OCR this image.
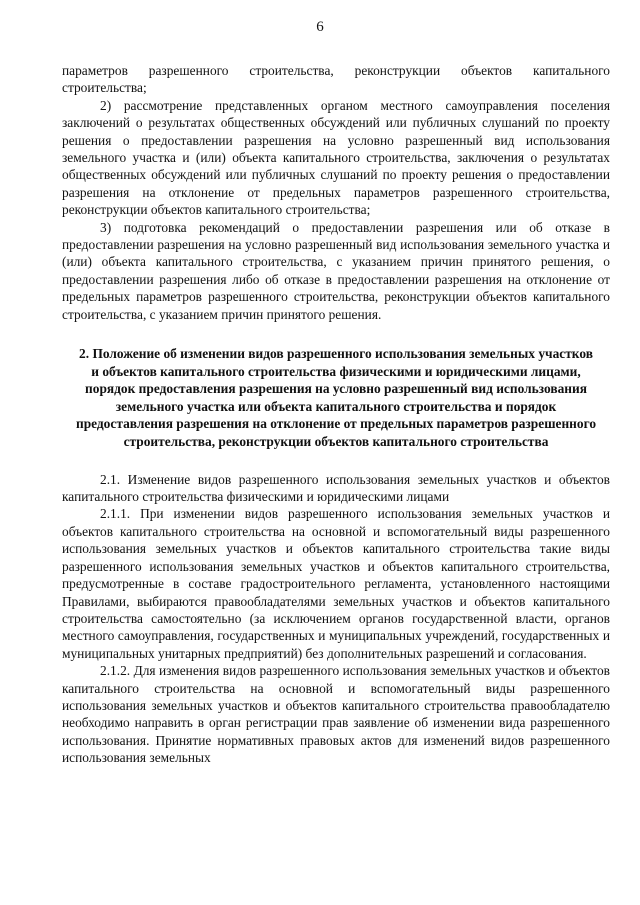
6

параметров разрешенного строительства, реконструкции объектов капитального строительства;

2) рассмотрение представленных органом местного самоуправления поселения заключений о результатах общественных обсуждений или публичных слушаний по проекту решения о предоставлении разрешения на условно разрешенный вид использования земельного участка и (или) объекта капитального строительства, заключения о результатах общественных обсуждений или публичных слушаний по проекту решения о предоставлении разрешения на отклонение от предельных параметров разрешенного строительства, реконструкции объектов капитального строительства;

3) подготовка рекомендаций о предоставлении разрешения или об отказе в предоставлении разрешения на условно разрешенный вид использования земельного участка и (или) объекта капитального строительства, с указанием причин принятого решения, о предоставлении разрешения либо об отказе в предоставлении разрешения на отклонение от предельных параметров разрешенного строительства, реконструкции объектов капитального строительства, с указанием причин принятого решения.

2. Положение об изменении видов разрешенного использования земельных участков и объектов капитального строительства физическими и юридическими лицами, порядок предоставления разрешения на условно разрешенный вид использования земельного участка или объекта капитального строительства и порядок предоставления разрешения на отклонение от предельных параметров разрешенного строительства, реконструкции объектов капитального строительства

2.1. Изменение видов разрешенного использования земельных участков и объектов капитального строительства физическими и юридическими лицами

2.1.1. При изменении видов разрешенного использования земельных участков и объектов капитального строительства на основной и вспомогательный виды разрешенного использования земельных участков и объектов капитального строительства такие виды разрешенного использования земельных участков и объектов капитального строительства, предусмотренные в составе градостроительного регламента, установленного настоящими Правилами, выбираются правообладателями земельных участков и объектов капитального строительства самостоятельно (за исключением органов государственной власти, органов местного самоуправления, государственных и муниципальных учреждений, государственных и муниципальных унитарных предприятий) без дополнительных разрешений и согласования.

2.1.2. Для изменения видов разрешенного использования земельных участков и объектов капитального строительства на основной и вспомогательный виды разрешенного использования земельных участков и объектов капитального строительства правообладателю необходимо направить в орган регистрации прав заявление об изменении вида разрешенного использования. Принятие нормативных правовых актов для изменений видов разрешенного использования земельных
